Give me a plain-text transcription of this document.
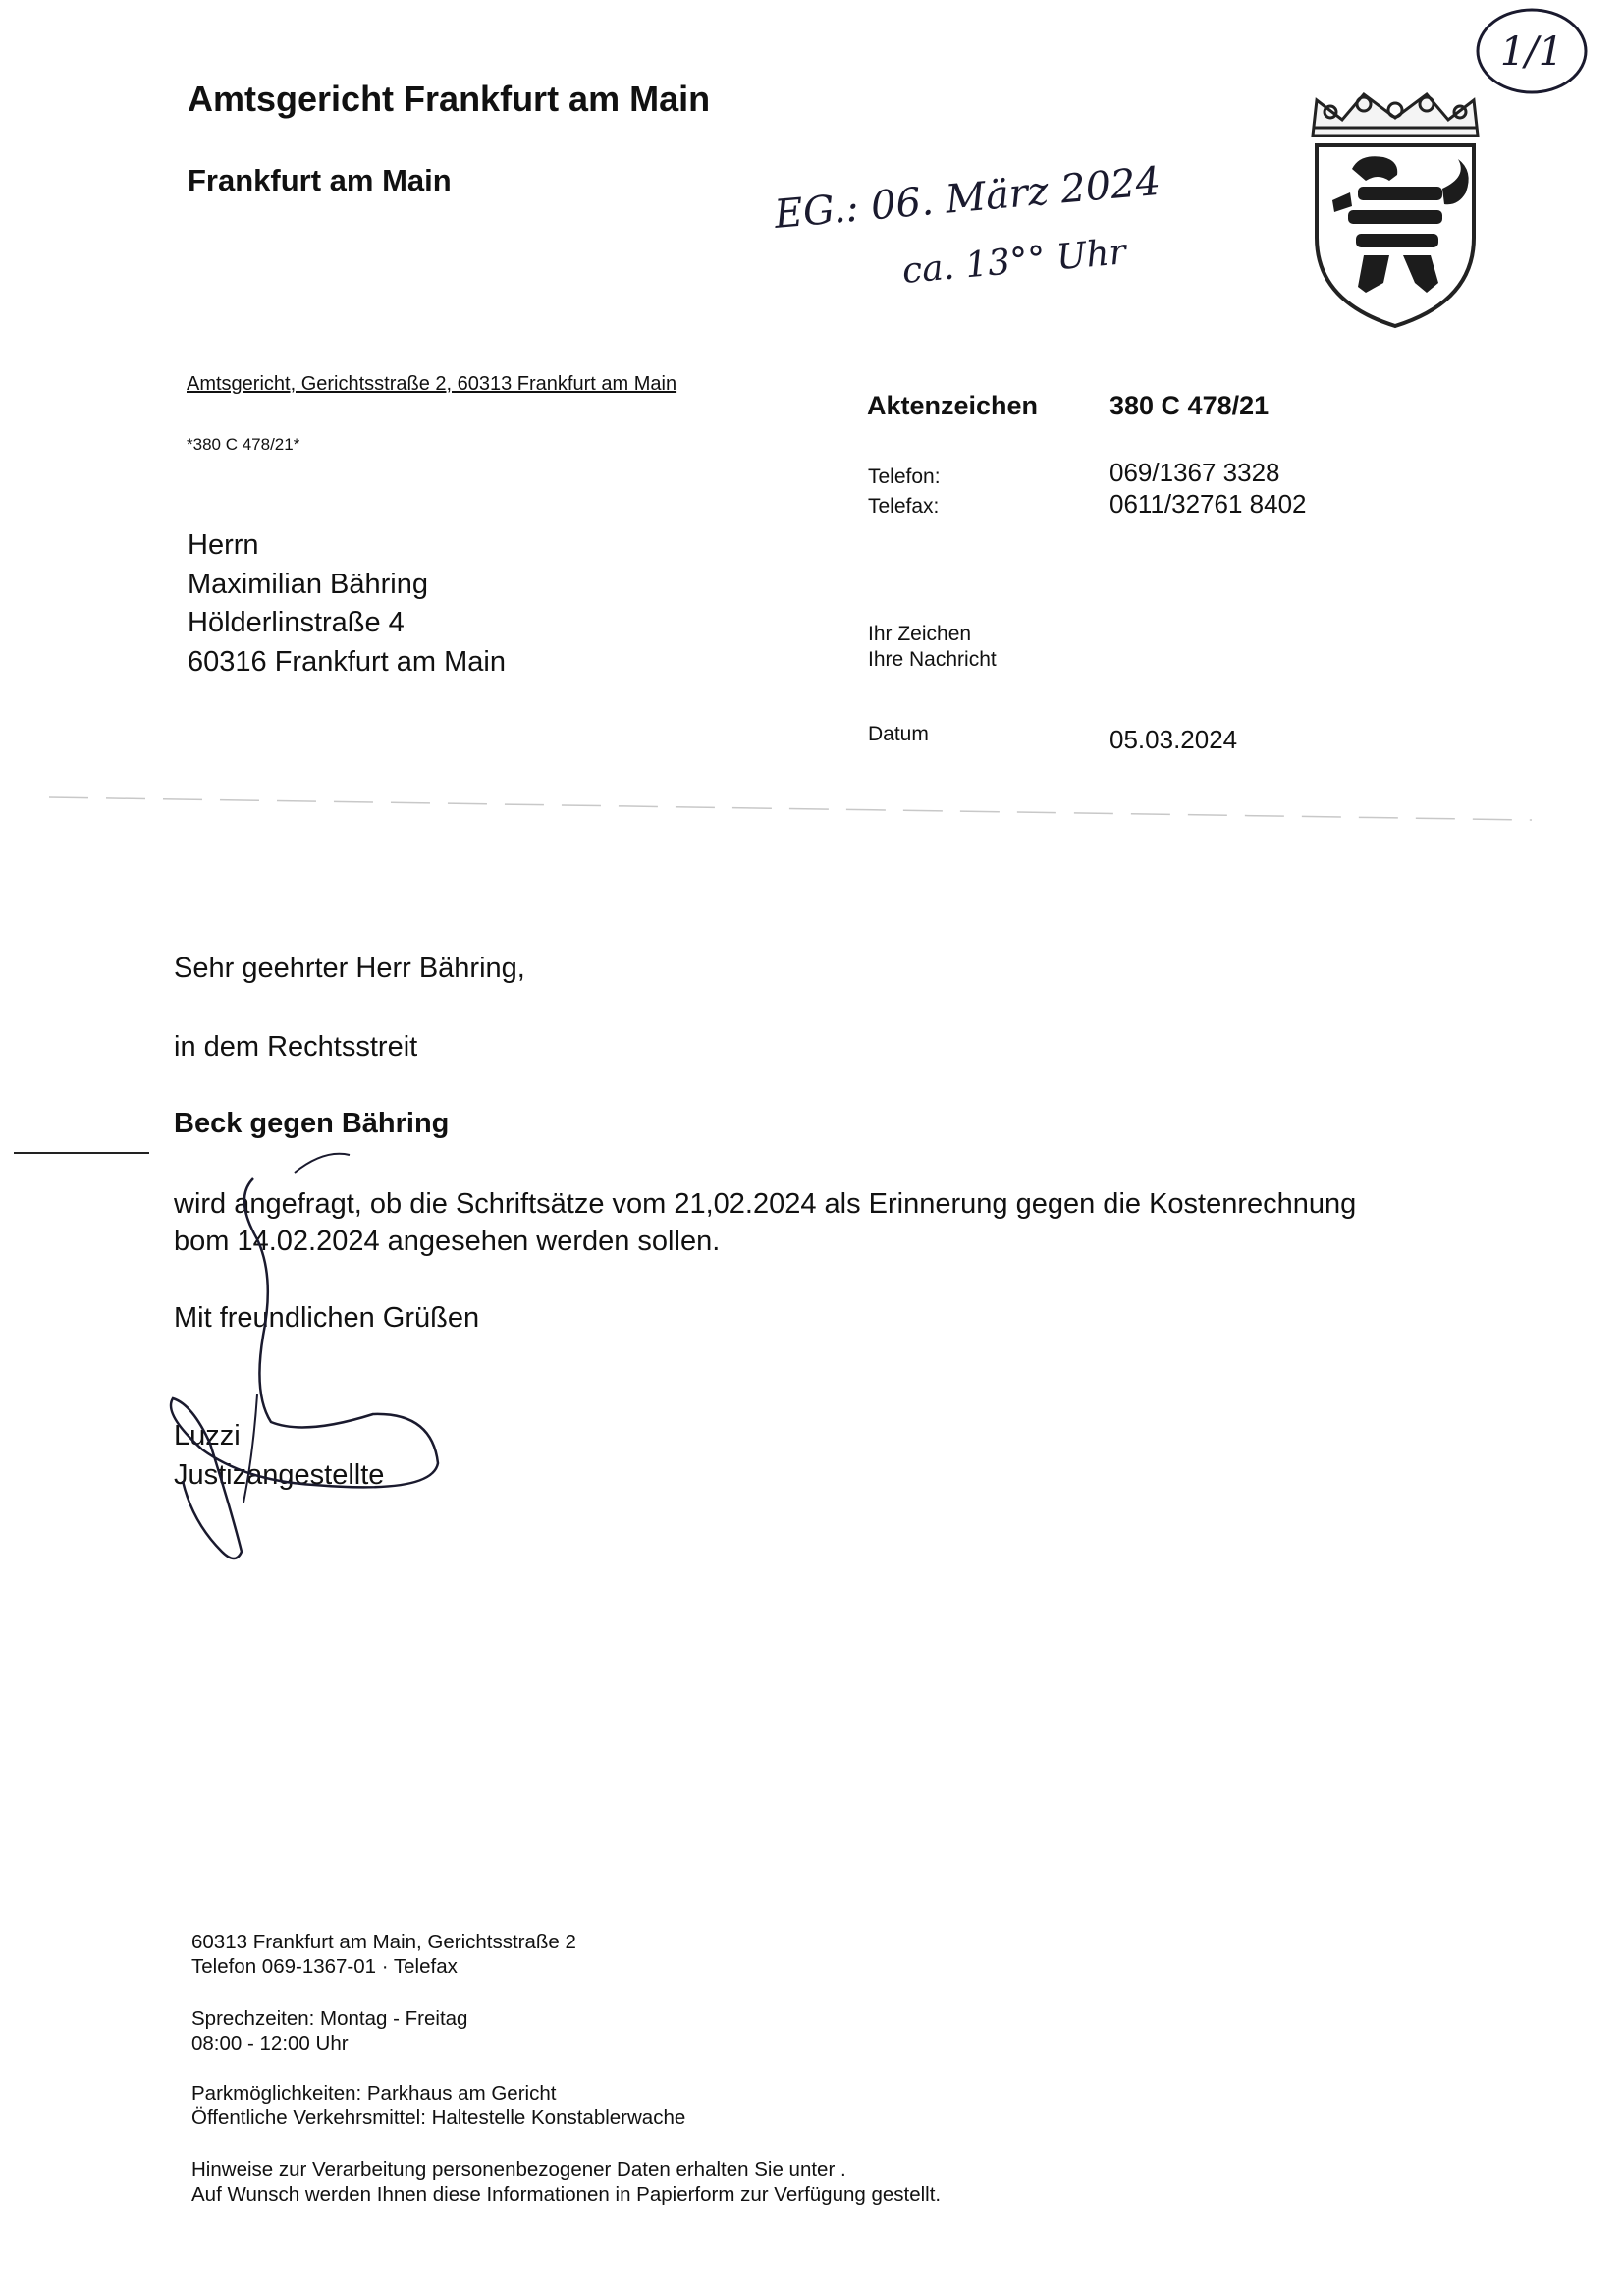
Amtsgericht Frankfurt am Main
Frankfurt am Main	EG.: 06. März 2024
ca. 13°° Uhr
1/1
Amtsgericht, Gerichtsstraße 2, 60313 Frankfurt am Main
*380 C 478/21*
Herrn
Maximilian Bähring
Hölderlinstraße 4
60316 Frankfurt am Main
Aktenzeichen	380 C 478/21
Telefon:	069/1367 3328
Telefax:	0611/32761 8402
Ihr Zeichen
Ihre Nachricht
Datum	05.03.2024
Sehr geehrter Herr Bähring,
in dem Rechtsstreit
Beck gegen Bähring
wird angefragt, ob die Schriftsätze vom 21,02.2024 als Erinnerung gegen die Kostenrechnung
bom 14.02.2024 angesehen werden sollen.
Mit freundlichen Grüßen
Luzzi
Justizangestellte
60313 Frankfurt am Main, Gerichtsstraße 2
Telefon 069-1367-01 · Telefax
Sprechzeiten: Montag - Freitag
08:00 - 12:00 Uhr
Parkmöglichkeiten: Parkhaus am Gericht
Öffentliche Verkehrsmittel: Haltestelle Konstablerwache
Hinweise zur Verarbeitung personenbezogener Daten erhalten Sie unter .
Auf Wunsch werden Ihnen diese Informationen in Papierform zur Verfügung gestellt.
